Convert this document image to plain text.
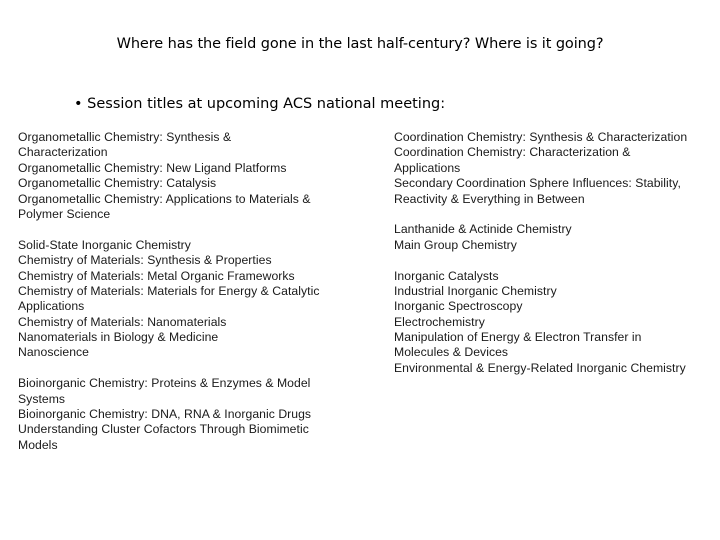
Where has the field gone in the last half-century? Where is it going?
• Session titles at upcoming ACS national meeting:
Organometallic Chemistry: Synthesis &
Characterization
Organometallic Chemistry: New Ligand Platforms
Organometallic Chemistry: Catalysis
Organometallic Chemistry: Applications to Materials &
Polymer Science
Solid-State Inorganic Chemistry
Chemistry of Materials: Synthesis & Properties
Chemistry of Materials: Metal Organic Frameworks
Chemistry of Materials: Materials for Energy & Catalytic
Applications
Chemistry of Materials: Nanomaterials
Nanomaterials in Biology & Medicine
Nanoscience
Bioinorganic Chemistry: Proteins & Enzymes & Model
Systems
Bioinorganic Chemistry: DNA, RNA & Inorganic Drugs
Understanding Cluster Cofactors Through Biomimetic
Models
Coordination Chemistry: Synthesis & Characterization
Coordination Chemistry: Characterization &
Applications
Secondary Coordination Sphere Influences: Stability,
Reactivity & Everything in Between
Lanthanide & Actinide Chemistry
Main Group Chemistry
Inorganic Catalysts
Industrial Inorganic Chemistry
Inorganic Spectroscopy
Electrochemistry
Manipulation of Energy & Electron Transfer in
Molecules & Devices
Environmental & Energy-Related Inorganic Chemistry
